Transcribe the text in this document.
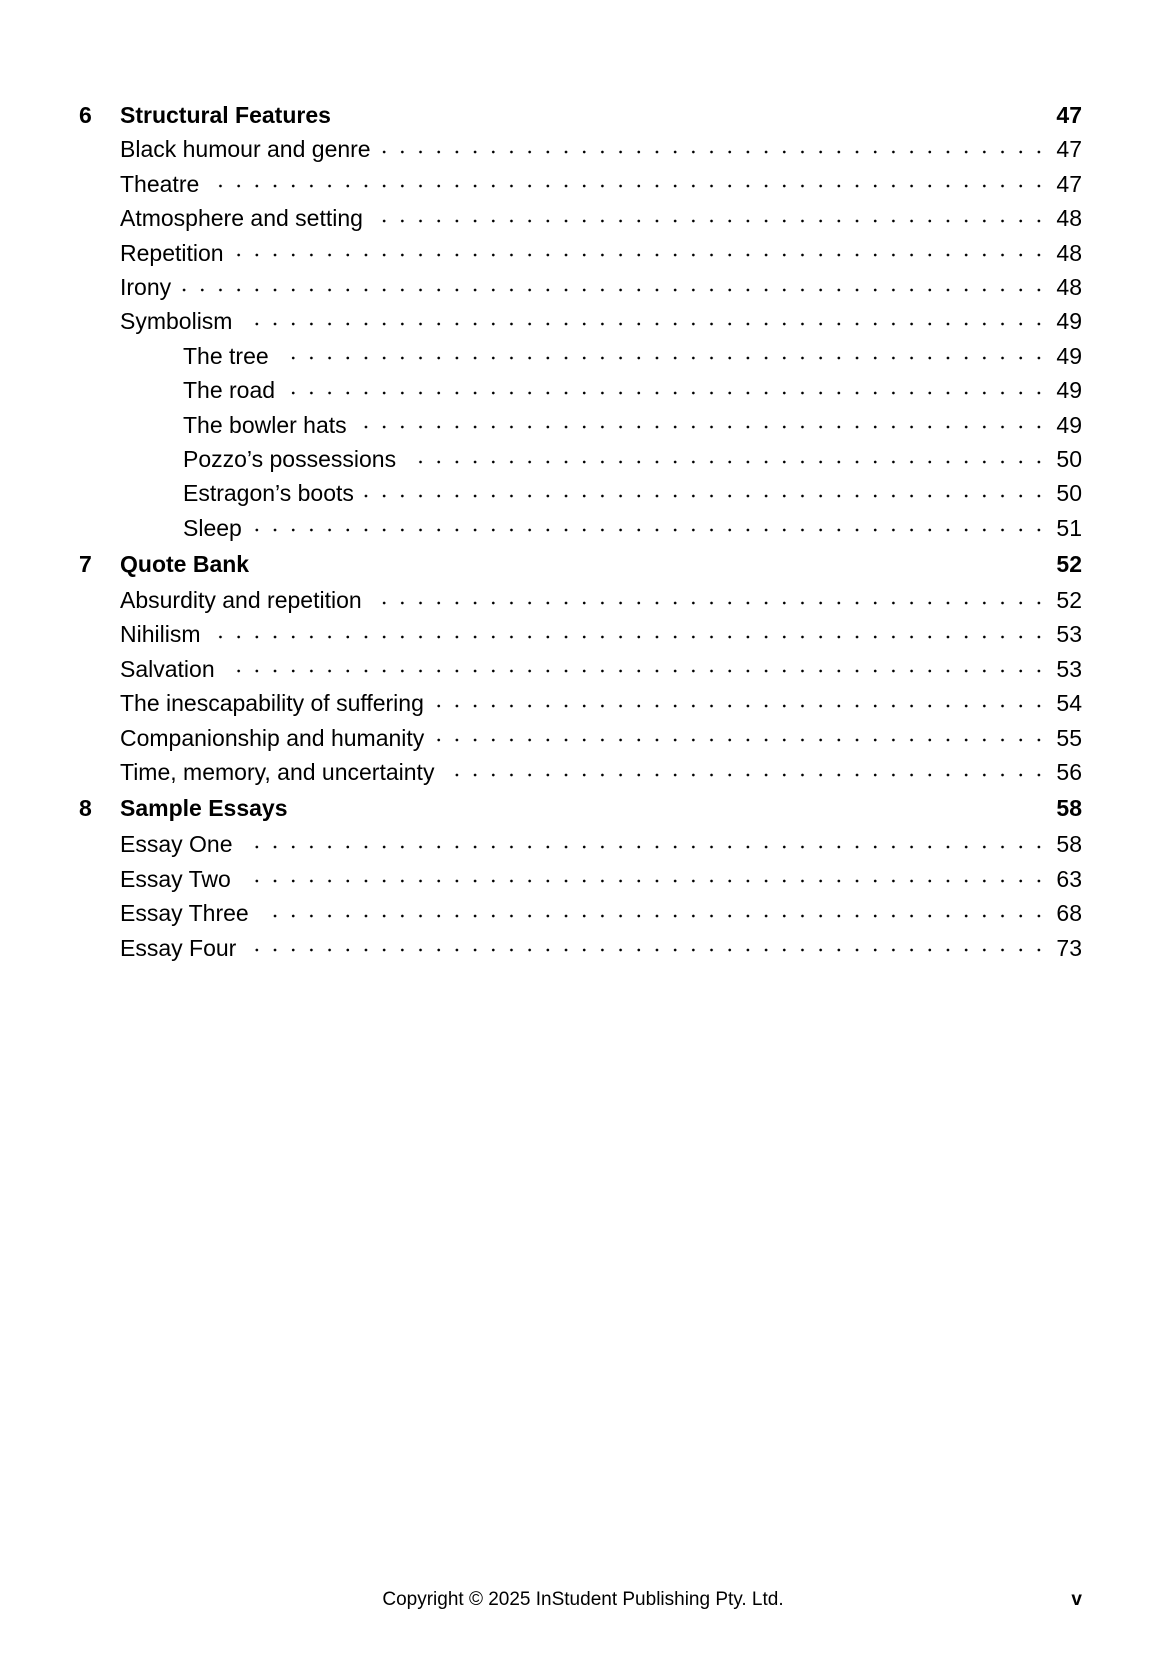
6 Structural Features	47
Black humour and genre	47
Theatre	47
Atmosphere and setting	48
Repetition	48
Irony	48
Symbolism	49
The tree	49
The road	49
The bowler hats	49
Pozzo’s possessions	50
Estragon’s boots	50
Sleep	51
7 Quote Bank	52
Absurdity and repetition	52
Nihilism	53
Salvation	53
The inescapability of suffering	54
Companionship and humanity	55
Time, memory, and uncertainty	56
8 Sample Essays	58
Essay One	58
Essay Two	63
Essay Three	68
Essay Four	73
Copyright © 2025 InStudent Publishing Pty. Ltd.	v
